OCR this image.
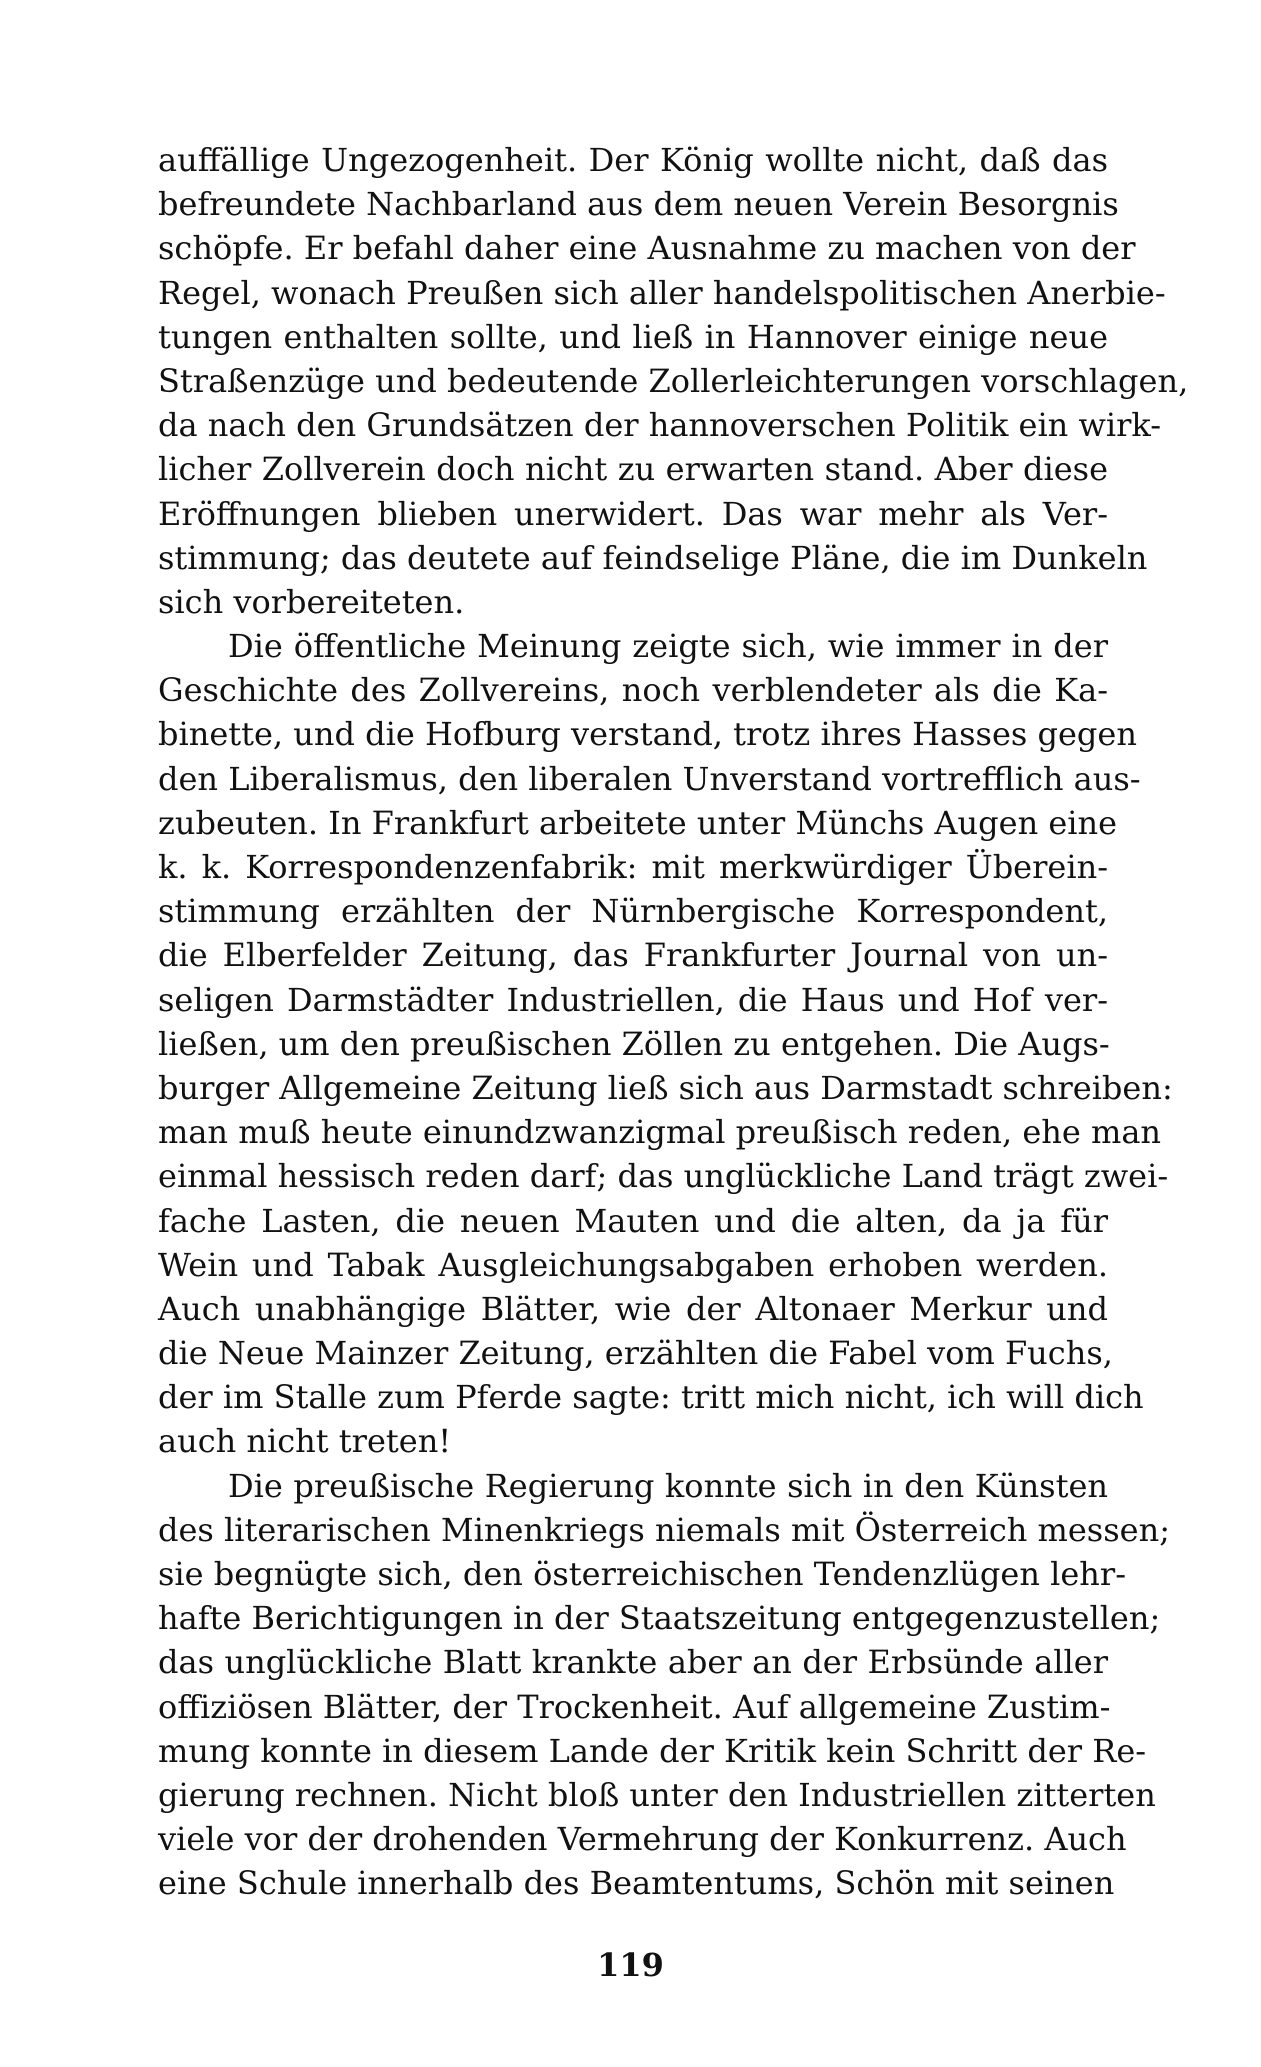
auffällige Ungezogenheit. Der König wollte nicht, daß das
befreundete Nachbarland aus dem neuen Verein Besorgnis
schöpfe. Er befahl daher eine Ausnahme zu machen von der
Regel, wonach Preußen sich aller handelspolitischen Anerbie-
tungen enthalten sollte, und ließ in Hannover einige neue
Straßenzüge und bedeutende Zollerleichterungen vorschlagen,
da nach den Grundsätzen der hannoverschen Politik ein wirk-
licher Zollverein doch nicht zu erwarten stand. Aber diese
Eröffnungen blieben unerwidert. Das war mehr als Ver-
stimmung; das deutete auf feindselige Pläne, die im Dunkeln
sich vorbereiteten.
Die öffentliche Meinung zeigte sich, wie immer in der
Geschichte des Zollvereins, noch verblendeter als die Ka-
binette, und die Hofburg verstand, trotz ihres Hasses gegen
den Liberalismus, den liberalen Unverstand vortrefflich aus-
zubeuten. In Frankfurt arbeitete unter Münchs Augen eine
k. k. Korrespondenzenfabrik: mit merkwürdiger Überein-
stimmung erzählten der Nürnbergische Korrespondent,
die Elberfelder Zeitung, das Frankfurter Journal von un-
seligen Darmstädter Industriellen, die Haus und Hof ver-
ließen, um den preußischen Zöllen zu entgehen. Die Augs-
burger Allgemeine Zeitung ließ sich aus Darmstadt schreiben:
man muß heute einundzwanzigmal preußisch reden, ehe man
einmal hessisch reden darf; das unglückliche Land trägt zwei-
fache Lasten, die neuen Mauten und die alten, da ja für
Wein und Tabak Ausgleichungsabgaben erhoben werden.
Auch unabhängige Blätter, wie der Altonaer Merkur und
die Neue Mainzer Zeitung, erzählten die Fabel vom Fuchs,
der im Stalle zum Pferde sagte: tritt mich nicht, ich will dich
auch nicht treten!
Die preußische Regierung konnte sich in den Künsten
des literarischen Minenkriegs niemals mit Österreich messen;
sie begnügte sich, den österreichischen Tendenzlügen lehr-
hafte Berichtigungen in der Staatszeitung entgegenzustellen;
das unglückliche Blatt krankte aber an der Erbsünde aller
offiziösen Blätter, der Trockenheit. Auf allgemeine Zustim-
mung konnte in diesem Lande der Kritik kein Schritt der Re-
gierung rechnen. Nicht bloß unter den Industriellen zitterten
viele vor der drohenden Vermehrung der Konkurrenz. Auch
eine Schule innerhalb des Beamtentums, Schön mit seinen
119
